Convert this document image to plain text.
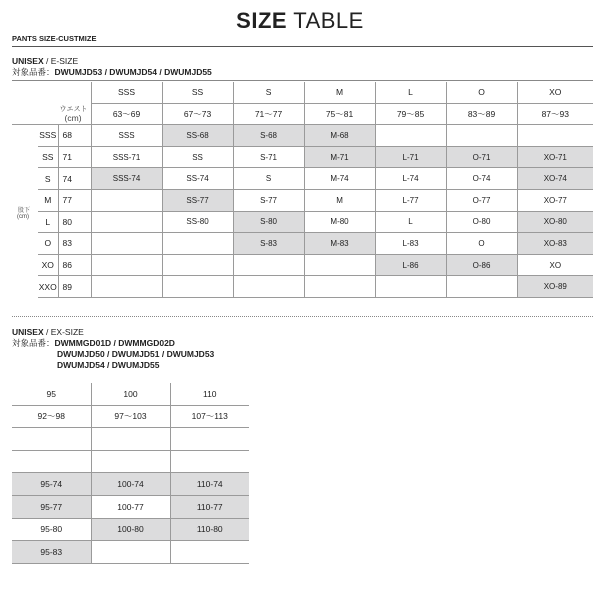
SIZE TABLE
PANTS SIZE-CUSTMIZE
UNISEX / E-SIZE
対象品番：DWUMJD53 / DWUMJD54 / DWUMJD55
			SSS	SS	S	M	L	O	XO

ウエスト
(cm)			63〜69	67〜73	71〜77	75〜81	79〜85	83〜89	87〜93
	SSS	68	SSS	SS-68	S-68	M-68			
	SS	71	SSS-71	SS	S-71	M-71	L-71	O-71	XO-71
	S	74	SSS-74	SS-74	S	M-74	L-74	O-74	XO-74
	M	77		SS-77	S-77	M	L-77	O-77	XO-77
	L	80		SS-80	S-80	M-80	L	O-80	XO-80
	O	83			S-83	M-83	L-83	O	XO-83
	XO	86					L-86	O-86	XO
	XXO	89							XO-89
股下
(cm)
UNISEX / EX-SIZE
対象品番：DWMMGD01D / DWMMGD02D
DWUMJD50 / DWUMJD51 / DWUMJD53
DWUMJD54 / DWUMJD55
95	100	110
92〜98	97〜103	107〜113

95-74	100-74	110-74
95-77	100-77	110-77
95-80	100-80	110-80
95-83		
